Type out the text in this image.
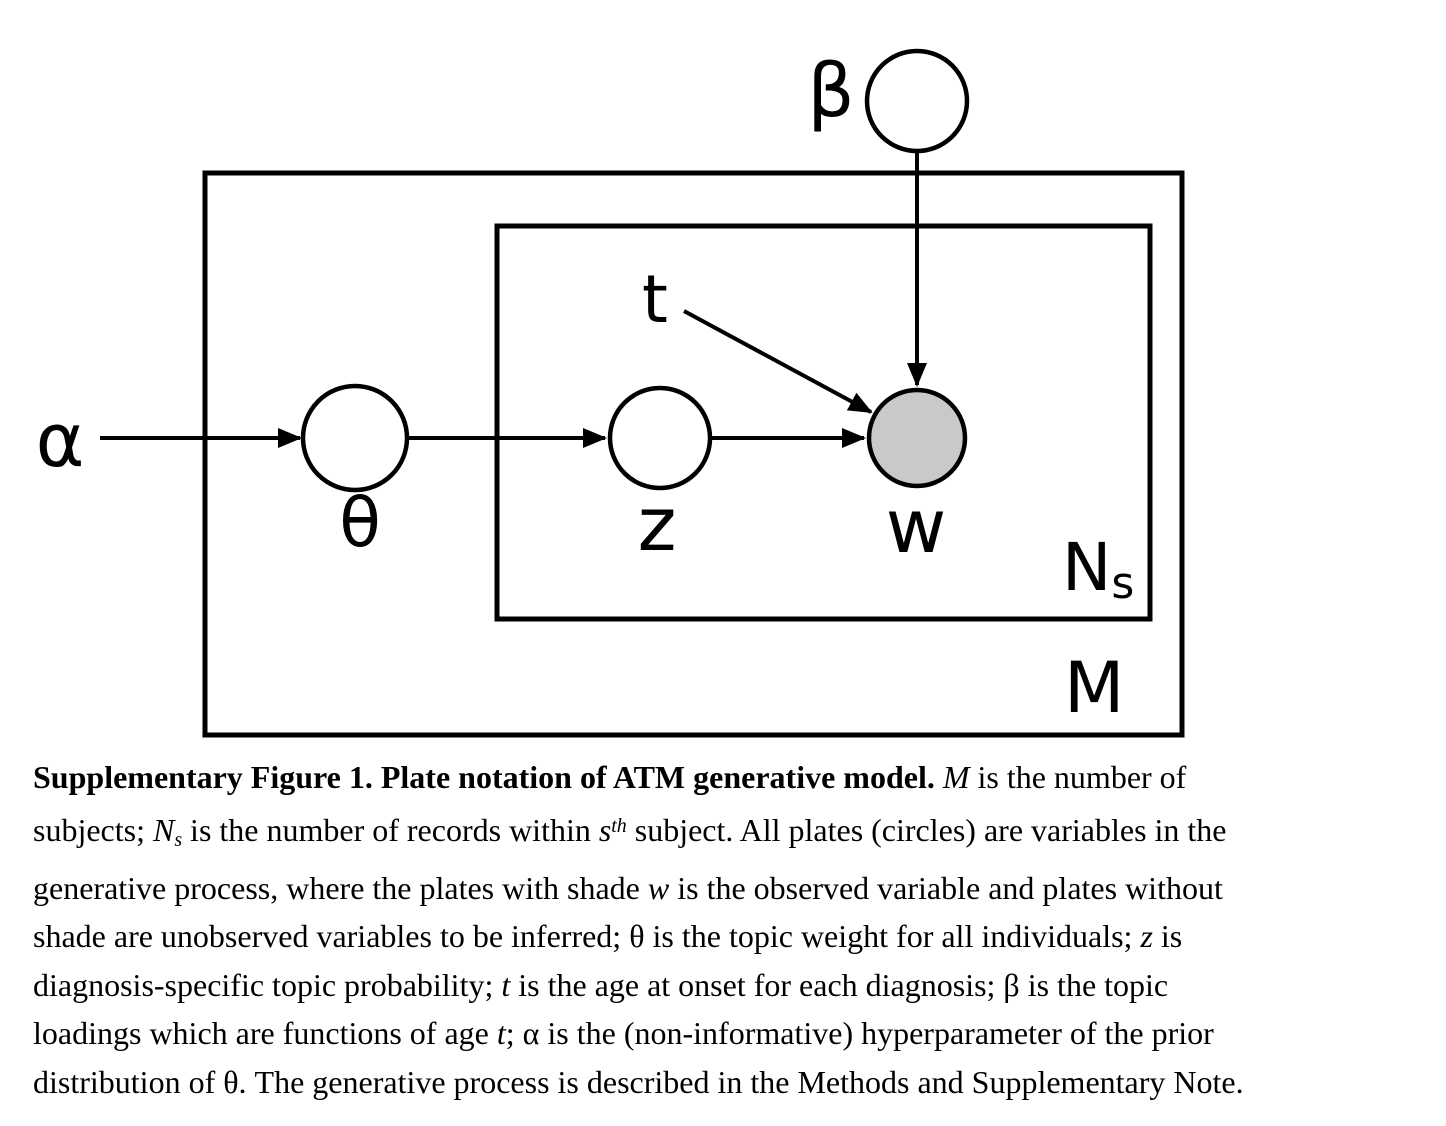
α
β
θ	z	w
t
Ns
M
Supplementary Figure 1. Plate notation of ATM generative model. M is the number of
subjects; Ns is the number of records within $s^{th}$ subject. All plates (circles) are variables in the
generative process, where the plates with shade w is the observed variable and plates without
shade are unobserved variables to be inferred; θ is the topic weight for all individuals; z is
diagnosis-specific topic probability; t is the age at onset for each diagnosis; β is the topic
loadings which are functions of age t; α is the (non-informative) hyperparameter of the prior
distribution of θ. The generative process is described in the Methods and Supplementary Note.
